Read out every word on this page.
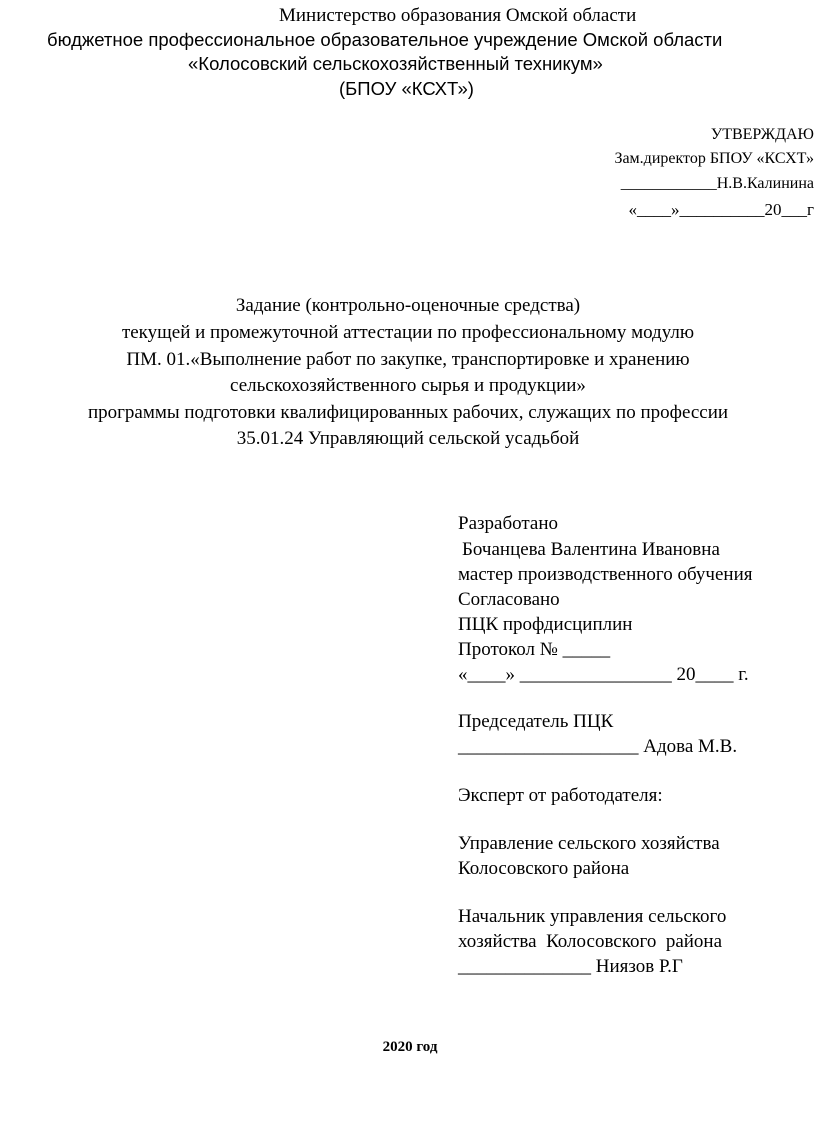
Министерство образования Омской области

бюджетное профессиональное образовательное учреждение Омской области

«Колосовский сельскохозяйственный техникум»

(БПОУ «КСХТ»)

УТВЕРЖДАЮ

Зам.директор БПОУ «КСХТ»

____________Н.В.Калинина

«____»__________20___г

Задание (контрольно-оценочные средства)

текущей и промежуточной аттестации по профессиональному модулю

ПМ. 01.«Выполнение работ по закупке, транспортировке и хранению

сельскохозяйственного сырья и продукции»

программы подготовки квалифицированных рабочих, служащих по профессии

35.01.24 Управляющий сельской усадьбой

Разработано

Бочанцева Валентина Ивановна

мастер производственного обучения

Согласовано

ПЦК профдисциплин

Протокол № _____

«____» ________________ 20____ г.

Председатель ПЦК

___________________ Адова М.В.

Эксперт от работодателя:

Управление сельского хозяйства

Колосовского района

Начальник управления сельского

хозяйства  Колосовского  района

______________ Ниязов Р.Г

2020 год
